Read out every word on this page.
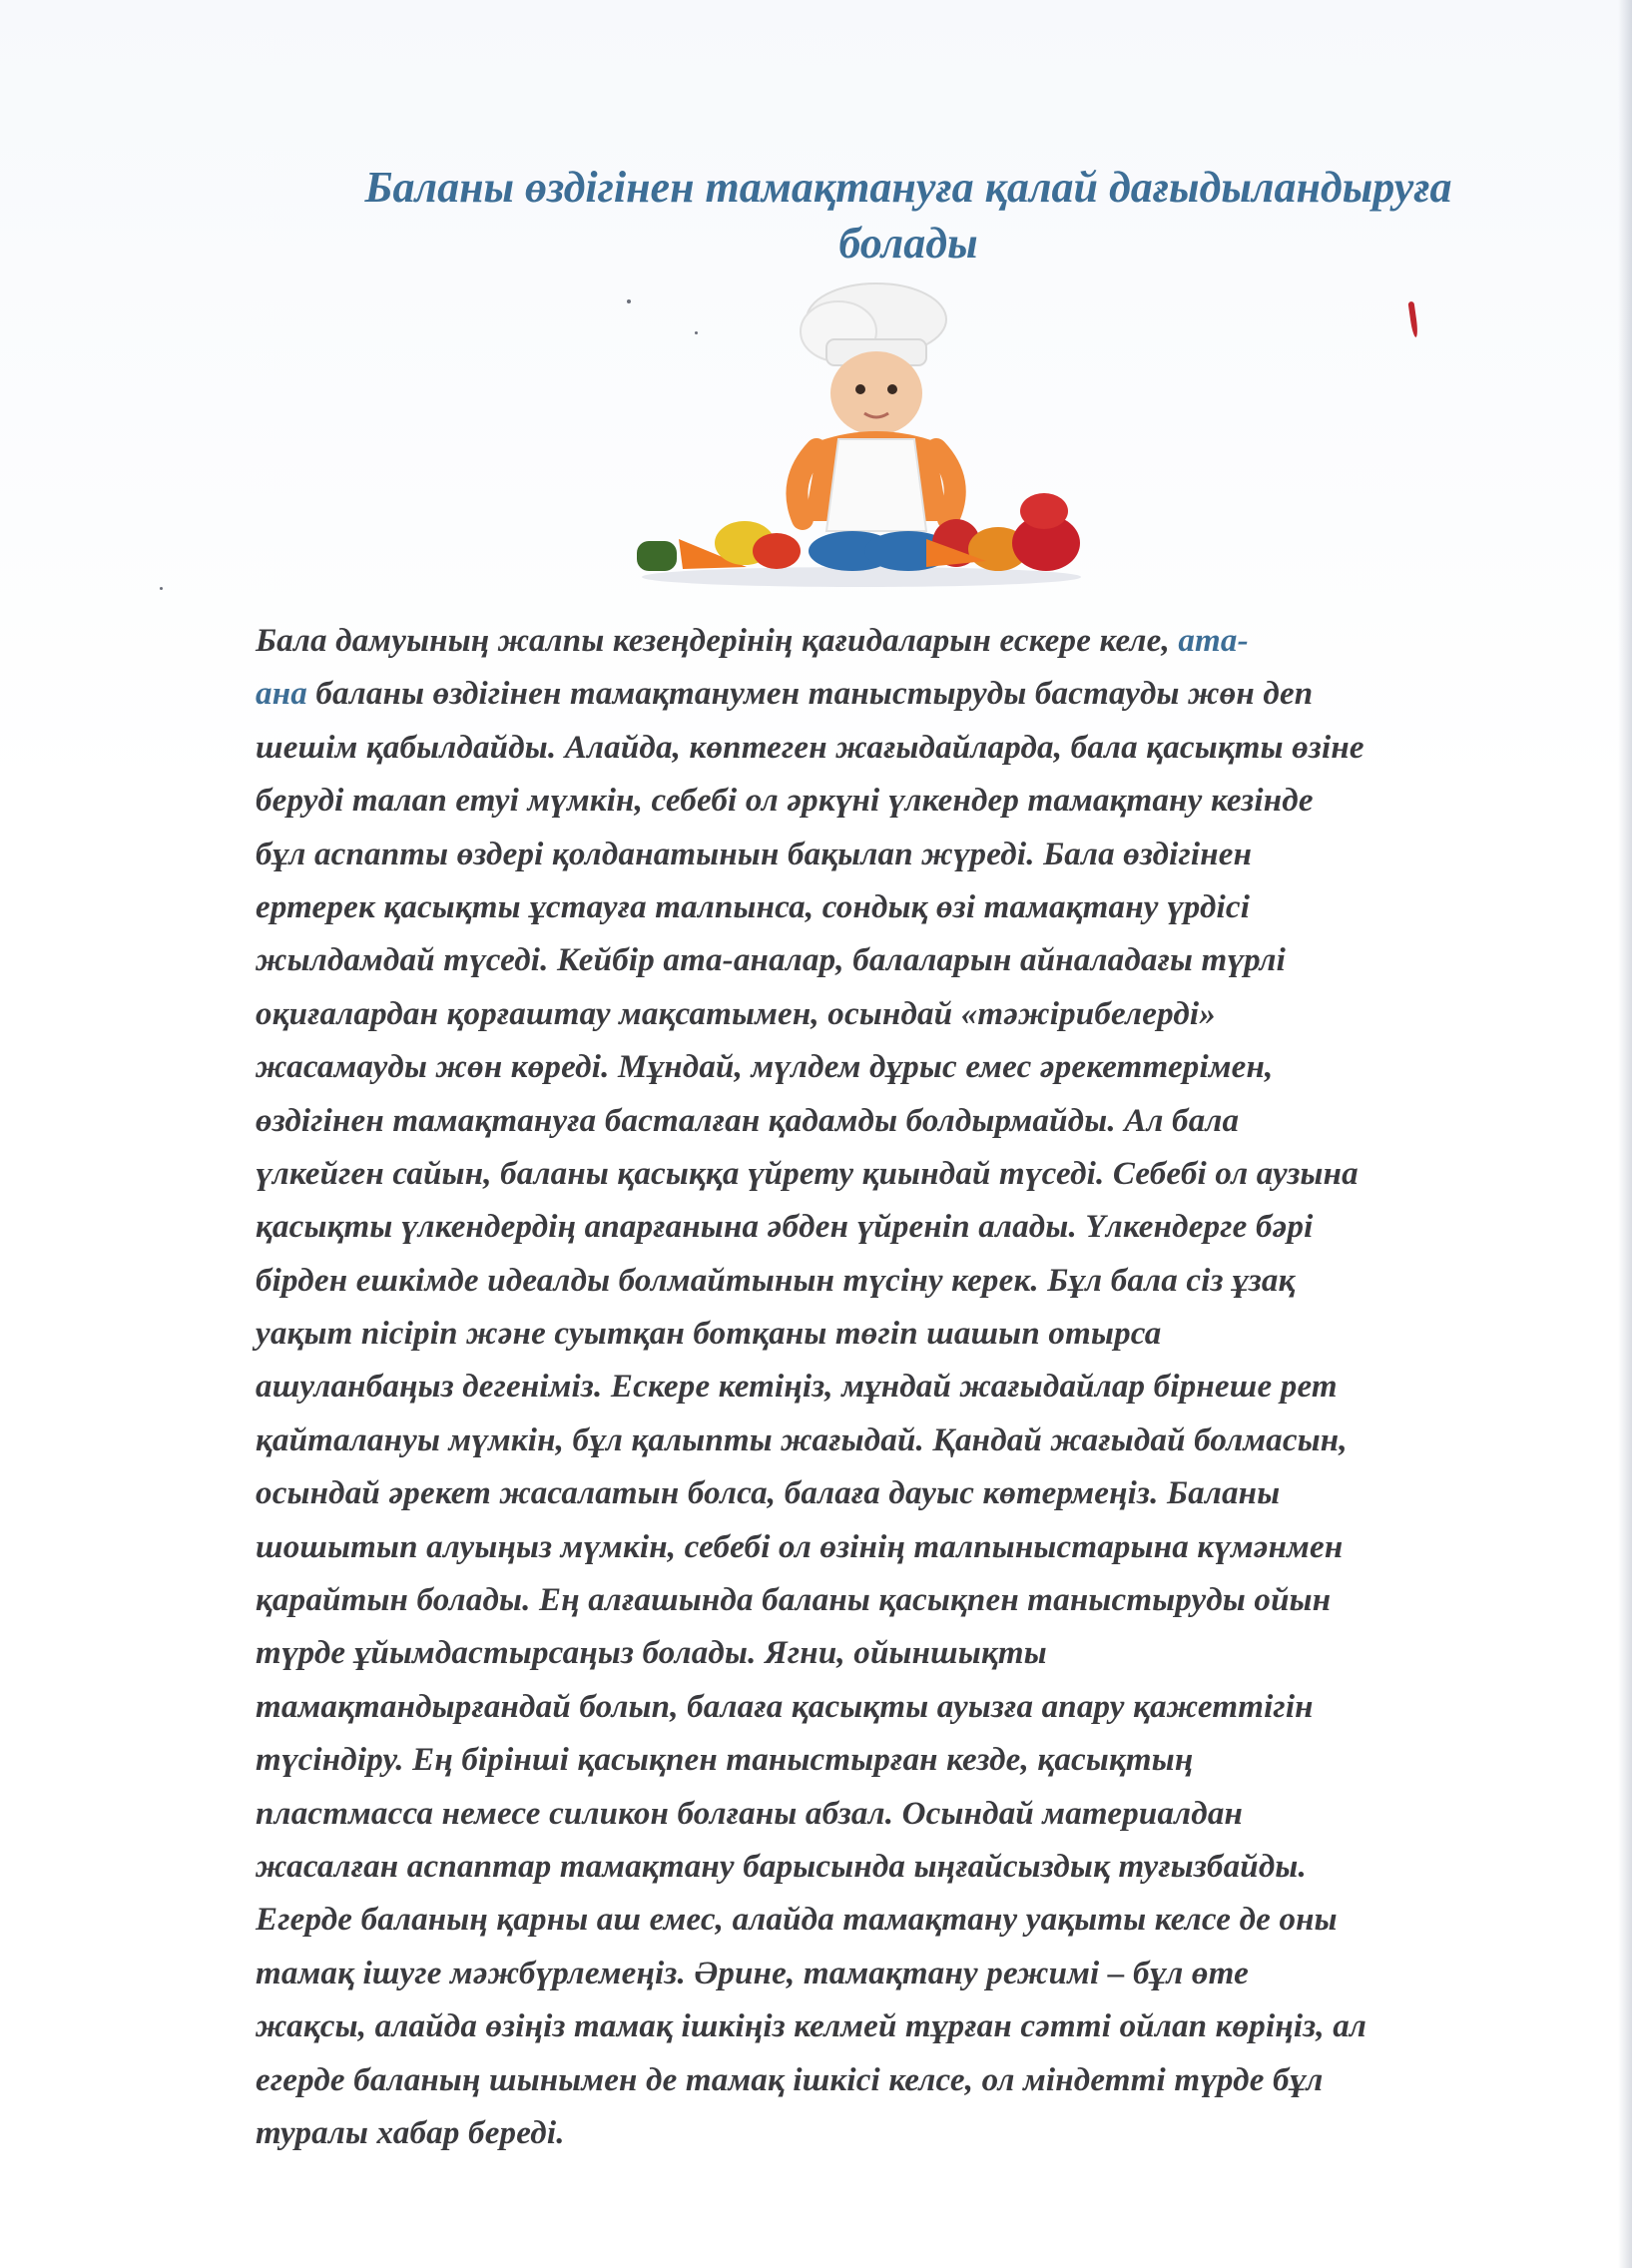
Баланы өздігінен тамақтануға қалай дағыдыландыруға
болады
Бала дамуының жалпы кезеңдерінің қағидаларын ескере келе, ата-
ана баланы өздігінен тамақтанумен таныстыруды бастауды жөн деп
шешім қабылдайды. Алайда, көптеген жағыдайларда, бала қасықты өзіне
беруді талап етуі мүмкін, себебі ол әркүні үлкендер тамақтану кезінде
бұл аспапты өздері қолданатынын бақылап жүреді. Бала өздігінен
ертерек қасықты ұстауға талпынса, сондық өзі тамақтану үрдісі
жылдамдай түседі. Кейбір ата-аналар, балаларын айналадағы түрлі
оқиғалардан қорғаштау мақсатымен, осындай «тәжірибелерді»
жасамауды жөн көреді. Мұндай, мүлдем дұрыс емес әрекеттерімен,
өздігінен тамақтануға басталған қадамды болдырмайды. Ал бала
үлкейген сайын, баланы қасыққа үйрету қиындай түседі. Себебі ол аузына
қасықты үлкендердің апарғанына әбден үйреніп алады. Үлкендерге бәрі
бірден ешкімде идеалды болмайтынын түсіну керек. Бұл бала сіз ұзақ
уақыт пісіріп және суытқан ботқаны төгіп шашып отырса
ашуланбаңыз дегеніміз. Ескере кетіңіз, мұндай жағыдайлар бірнеше рет
қайталануы мүмкін, бұл қалыпты жағыдай. Қандай жағыдай болмасын,
осындай әрекет жасалатын болса, балаға дауыс көтермеңіз. Баланы
шошытып алуыңыз мүмкін, себебі ол өзінің талпыныстарына күмәнмен
қарайтын болады. Ең алғашында баланы қасықпен таныстыруды ойын
түрде ұйымдастырсаңыз болады. Ягни, ойыншықты
тамақтандырғандай болып, балаға қасықты ауызға апару қажеттігін
түсіндіру. Ең бірінші қасықпен таныстырған кезде, қасықтың
пластмасса немесе силикон болғаны абзал. Осындай материалдан
жасалған аспаптар тамақтану барысында ыңғайсыздық туғызбайды.
Егерде баланың қарны аш емес, алайда тамақтану уақыты келсе де оны
тамақ ішуге мәжбүрлемеңіз. Әрине, тамақтану режимі – бұл өте
жақсы, алайда өзіңіз тамақ ішкіңіз келмей тұрған сәтті ойлап көріңіз, ал
егерде баланың шынымен де тамақ ішкісі келсе, ол міндетті түрде бұл
туралы хабар береді.
